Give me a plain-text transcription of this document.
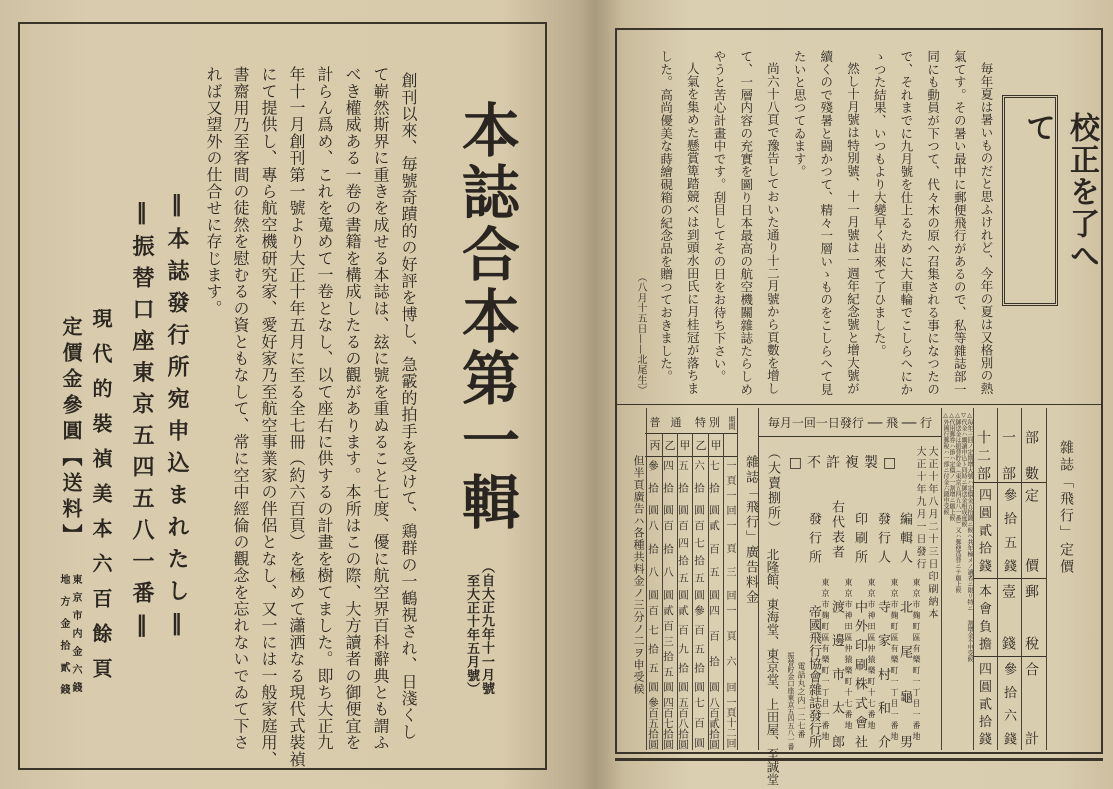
本誌合本第一輯
（自大正九年十一月號
至大正十年五月號）
創刊以來、毎號奇蹟的の好評を博し、急霰的拍手を受けて、鶏群の一鶴視され、日淺くし
て嶄然斯界に重きを成せる本誌は、玆に號を重ぬること七度、優に航空界百科辭典とも謂ふ
べき權威ある一卷の書籍を構成したるの觀があります。本所はこの際、大方讀者の御便宜を
計らん爲め、これを蒐めて一卷となし、以て座右に供するの計畫を樹てました。即ち大正九
年十一月創刊第一號より大正十年五月に至る全七冊（約六百頁）を極めて瀟洒なる現代式裝禎
にて提供し、專ら航空機研究家、愛好家乃至航空事業家の伴侶となし、又一には一般家庭用、
書齋用乃至客間の徒然を慰むるの資ともなして、常に空中經倫の觀念を忘れないでゐて下さ
れば又望外の仕合せに存じます。
‖本誌發行所宛申込まれたし‖
‖振替口座東京五四五八一番‖
現代的裝禎美本六百餘頁
定價金參圓【送料】
東京市内金六錢
地方金拾貳錢
校正を了へて
毎年夏は暑いものだと思ふけれど、今年の夏は又格別の熱
氣てす。その暑い最中に郵便飛行があるので、私等雜誌部一
同にも動員が下つて、代々木の原へ召集される事になつたの
で、それまでに九月號を仕上るために大車輪でこしらへにか
ゝつた結果、いつもより大變早く出來て了ひました。
然し十月號は特別號、十一月號は一週年紀念號と增大號が
續くので殘暑と闘かつて、精々一層いゝものをこしらへて見
たいと思つてゐます。
尚六十八頁で豫告しておいた通り十二月號から頁數を增し
て、一層内容の充實を圖り日本最高の航空機關雜誌たらしめ
やうと苦心計畫中です。刮目してその日をお待ち下さい。
人氣を集めた懸賞箄踏競べは到頭水田氏に月桂冠が落ちま
した。高尚優美な蒔繪硯箱の紀念品を贈つておきました。
（八月十五日——北尾生）
部數
定價
郵稅
合計
一部
參拾五錢
壹錢
參拾六錢
十二部
四圓貳拾錢
本會負擔
四圓貳拾錢
雜誌「飛行」定價
△毎年三回ノ定期增大號ハ定價金五拾錢ニ候ヘ共年極メノ讀者ニ限リ特ニ
割增金不申受候
▽代金ハ購讀申込ト同時ニ御送金相成度候
△御送金は振替貯金（東京五四五八一番）又ハ郵便爲替ニテ願上候
△代用郵券ハ節ハ定價ノ一割增ニ願上候
△外國行郵稅ハ一部ニ付金六錢申受候
毎月一回一日發行 ── 飛 ── 行
大正十年八月二十三日印刷納本
大正十年九月一日發行
□不許複製□
編輯人
東京市麹町區有樂町一丁目一番地
北尾龜男
發行人
東京市麹町區有樂町一丁目一番地
寺家村和介
印刷所
東京市神田區仲猿樂町十七番地
中外印刷株式會社
右代表者
東京市神田區仲猿樂町十七番地
渡邊市太郎
發行所
東京市麹町區有樂町一丁目一番地
帝國飛行協會雜誌發行所
電話丸之内一二七番
振替貯金口座東京五四五八一番
（大賣捌所）
北隆館、東海堂、東京堂、上田屋、至誠堂
雜誌「飛行」廣告料金
期間
特別
普通
一頁一回
一頁三回
一頁六回
一頁十二回
甲
七拾圓
貳百五圓
四百拾圓
八百貳拾圓
乙
六拾圓
百七拾五圓
參百五拾圓
七百圓
甲
五拾圓
百四拾五圓
貳百九拾圓
五百八拾圓
乙
四拾圓
百拾八圓
貳百三拾五圓
四百七拾圓
丙
參拾圓
八拾八圓
百七拾五圓
參百五拾圓
但半頁廣告ハ各種共料金ノ三分ノ二ヲ申受候
